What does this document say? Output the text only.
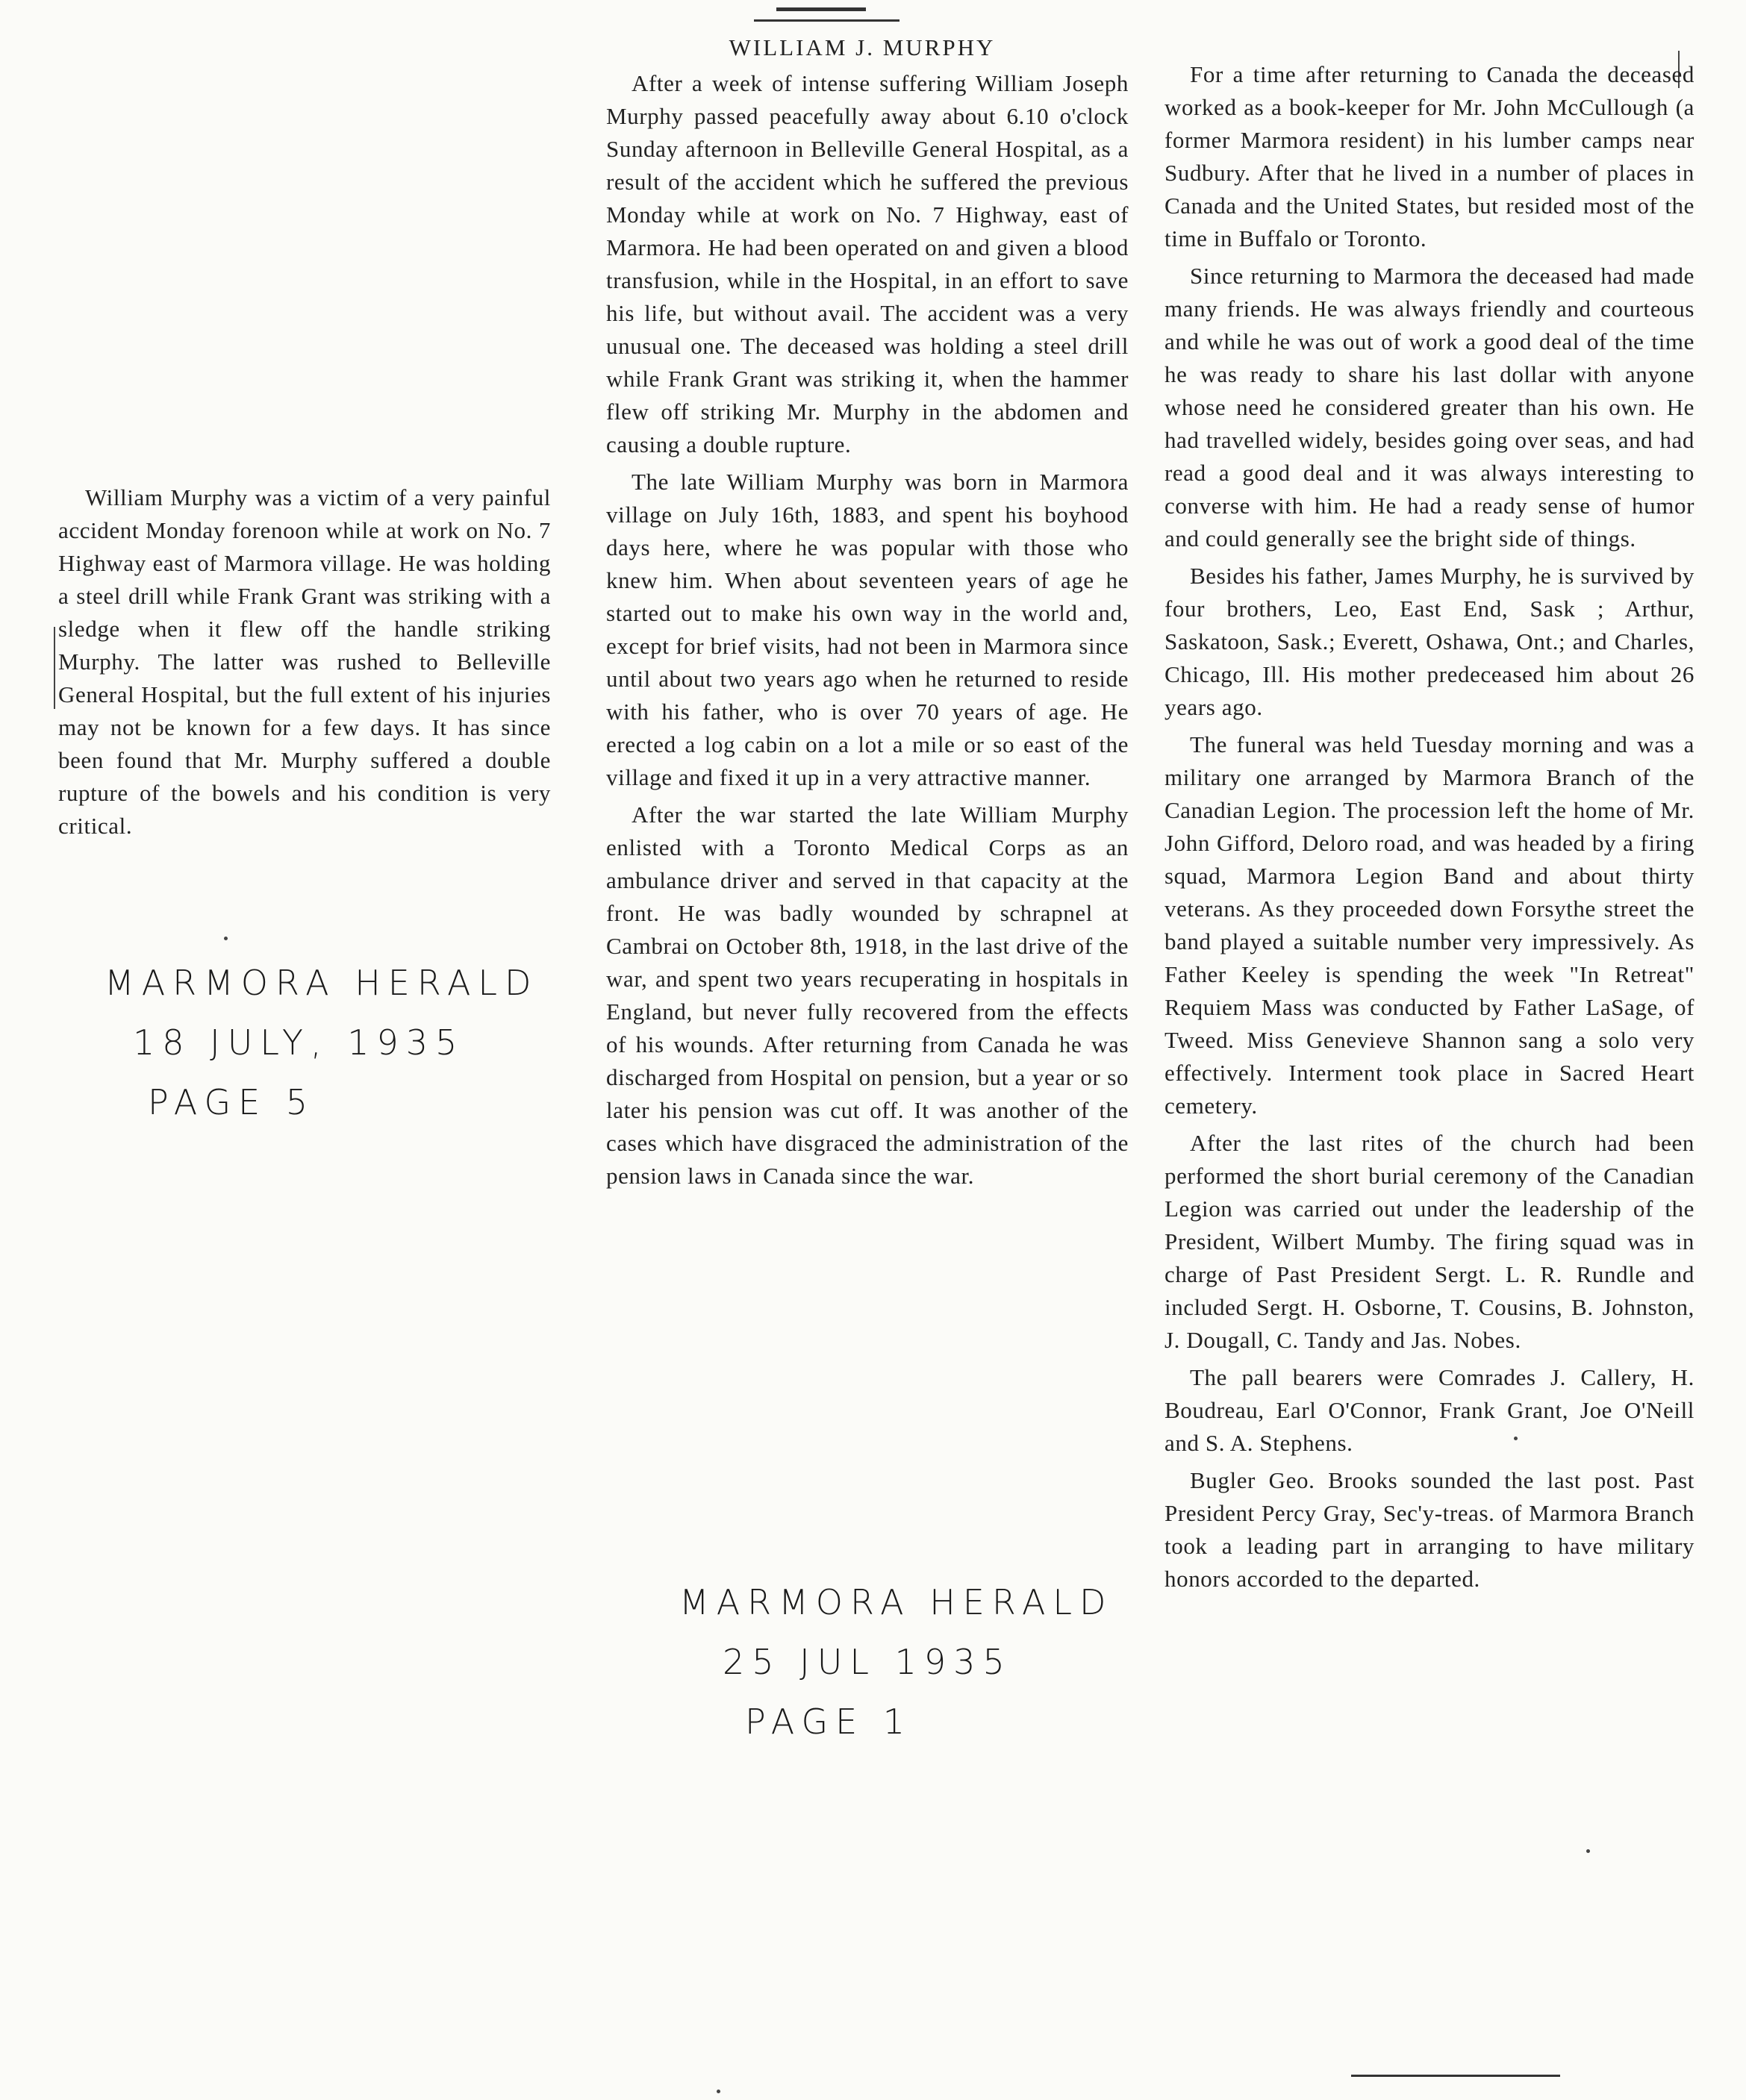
WILLIAM J. MURPHY

William Murphy was a victim of a very painful accident Monday forenoon while at work on No. 7 Highway east of Marmora village. He was holding a steel drill while Frank Grant was striking with a sledge when it flew off the handle striking Murphy. The latter was rushed to Belleville General Hospital, but the full extent of his injuries may not be known for a few days. It has since been found that Mr. Murphy suffered a double rupture of the bowels and his condition is very critical.

MARMORA HERALD
18 JULY, 1935
PAGE 5

After a week of intense suffering William Joseph Murphy passed peacefully away about 6.10 o'clock Sunday afternoon in Belleville General Hospital, as a result of the accident which he suffered the previous Monday while at work on No. 7 Highway, east of Marmora. He had been operated on and given a blood transfusion, while in the Hospital, in an effort to save his life, but without avail. The accident was a very unusual one. The deceased was holding a steel drill while Frank Grant was striking it, when the hammer flew off striking Mr. Murphy in the abdomen and causing a double rupture.

The late William Murphy was born in Marmora village on July 16th, 1883, and spent his boyhood days here, where he was popular with those who knew him. When about seventeen years of age he started out to make his own way in the world and, except for brief visits, had not been in Marmora since until about two years ago when he returned to reside with his father, who is over 70 years of age. He erected a log cabin on a lot a mile or so east of the village and fixed it up in a very attractive manner.

After the war started the late William Murphy enlisted with a Toronto Medical Corps as an ambulance driver and served in that capacity at the front. He was badly wounded by schrapnel at Cambrai on October 8th, 1918, in the last drive of the war, and spent two years recuperating in hospitals in England, but never fully recovered from the effects of his wounds. After returning from Canada he was discharged from Hospital on pension, but a year or so later his pension was cut off. It was another of the cases which have disgraced the administration of the pension laws in Canada since the war.

MARMORA HERALD
25 JUL 1935
PAGE 1

For a time after returning to Canada the deceased worked as a book-keeper for Mr. John McCullough (a former Marmora resident) in his lumber camps near Sudbury. After that he lived in a number of places in Canada and the United States, but resided most of the time in Buffalo or Toronto.

Since returning to Marmora the deceased had made many friends. He was always friendly and courteous and while he was out of work a good deal of the time he was ready to share his last dollar with anyone whose need he considered greater than his own. He had travelled widely, besides going over seas, and had read a good deal and it was always interesting to converse with him. He had a ready sense of humor and could generally see the bright side of things.

Besides his father, James Murphy, he is survived by four brothers, Leo, East End, Sask ; Arthur, Saskatoon, Sask.; Everett, Oshawa, Ont.; and Charles, Chicago, Ill. His mother predeceased him about 26 years ago.

The funeral was held Tuesday morning and was a military one arranged by Marmora Branch of the Canadian Legion. The procession left the home of Mr. John Gifford, Deloro road, and was headed by a firing squad, Marmora Legion Band and about thirty veterans. As they proceeded down Forsythe street the band played a suitable number very impressively. As Father Keeley is spending the week "In Retreat" Requiem Mass was conducted by Father LaSage, of Tweed. Miss Genevieve Shannon sang a solo very effectively. Interment took place in Sacred Heart cemetery.

After the last rites of the church had been performed the short burial ceremony of the Canadian Legion was carried out under the leadership of the President, Wilbert Mumby. The firing squad was in charge of Past President Sergt. L. R. Rundle and included Sergt. H. Osborne, T. Cousins, B. Johnston, J. Dougall, C. Tandy and Jas. Nobes.

The pall bearers were Comrades J. Callery, H. Boudreau, Earl O'Connor, Frank Grant, Joe O'Neill and S. A. Stephens.

Bugler Geo. Brooks sounded the last post. Past President Percy Gray, Sec'y-treas. of Marmora Branch took a leading part in arranging to have military honors accorded to the departed.
